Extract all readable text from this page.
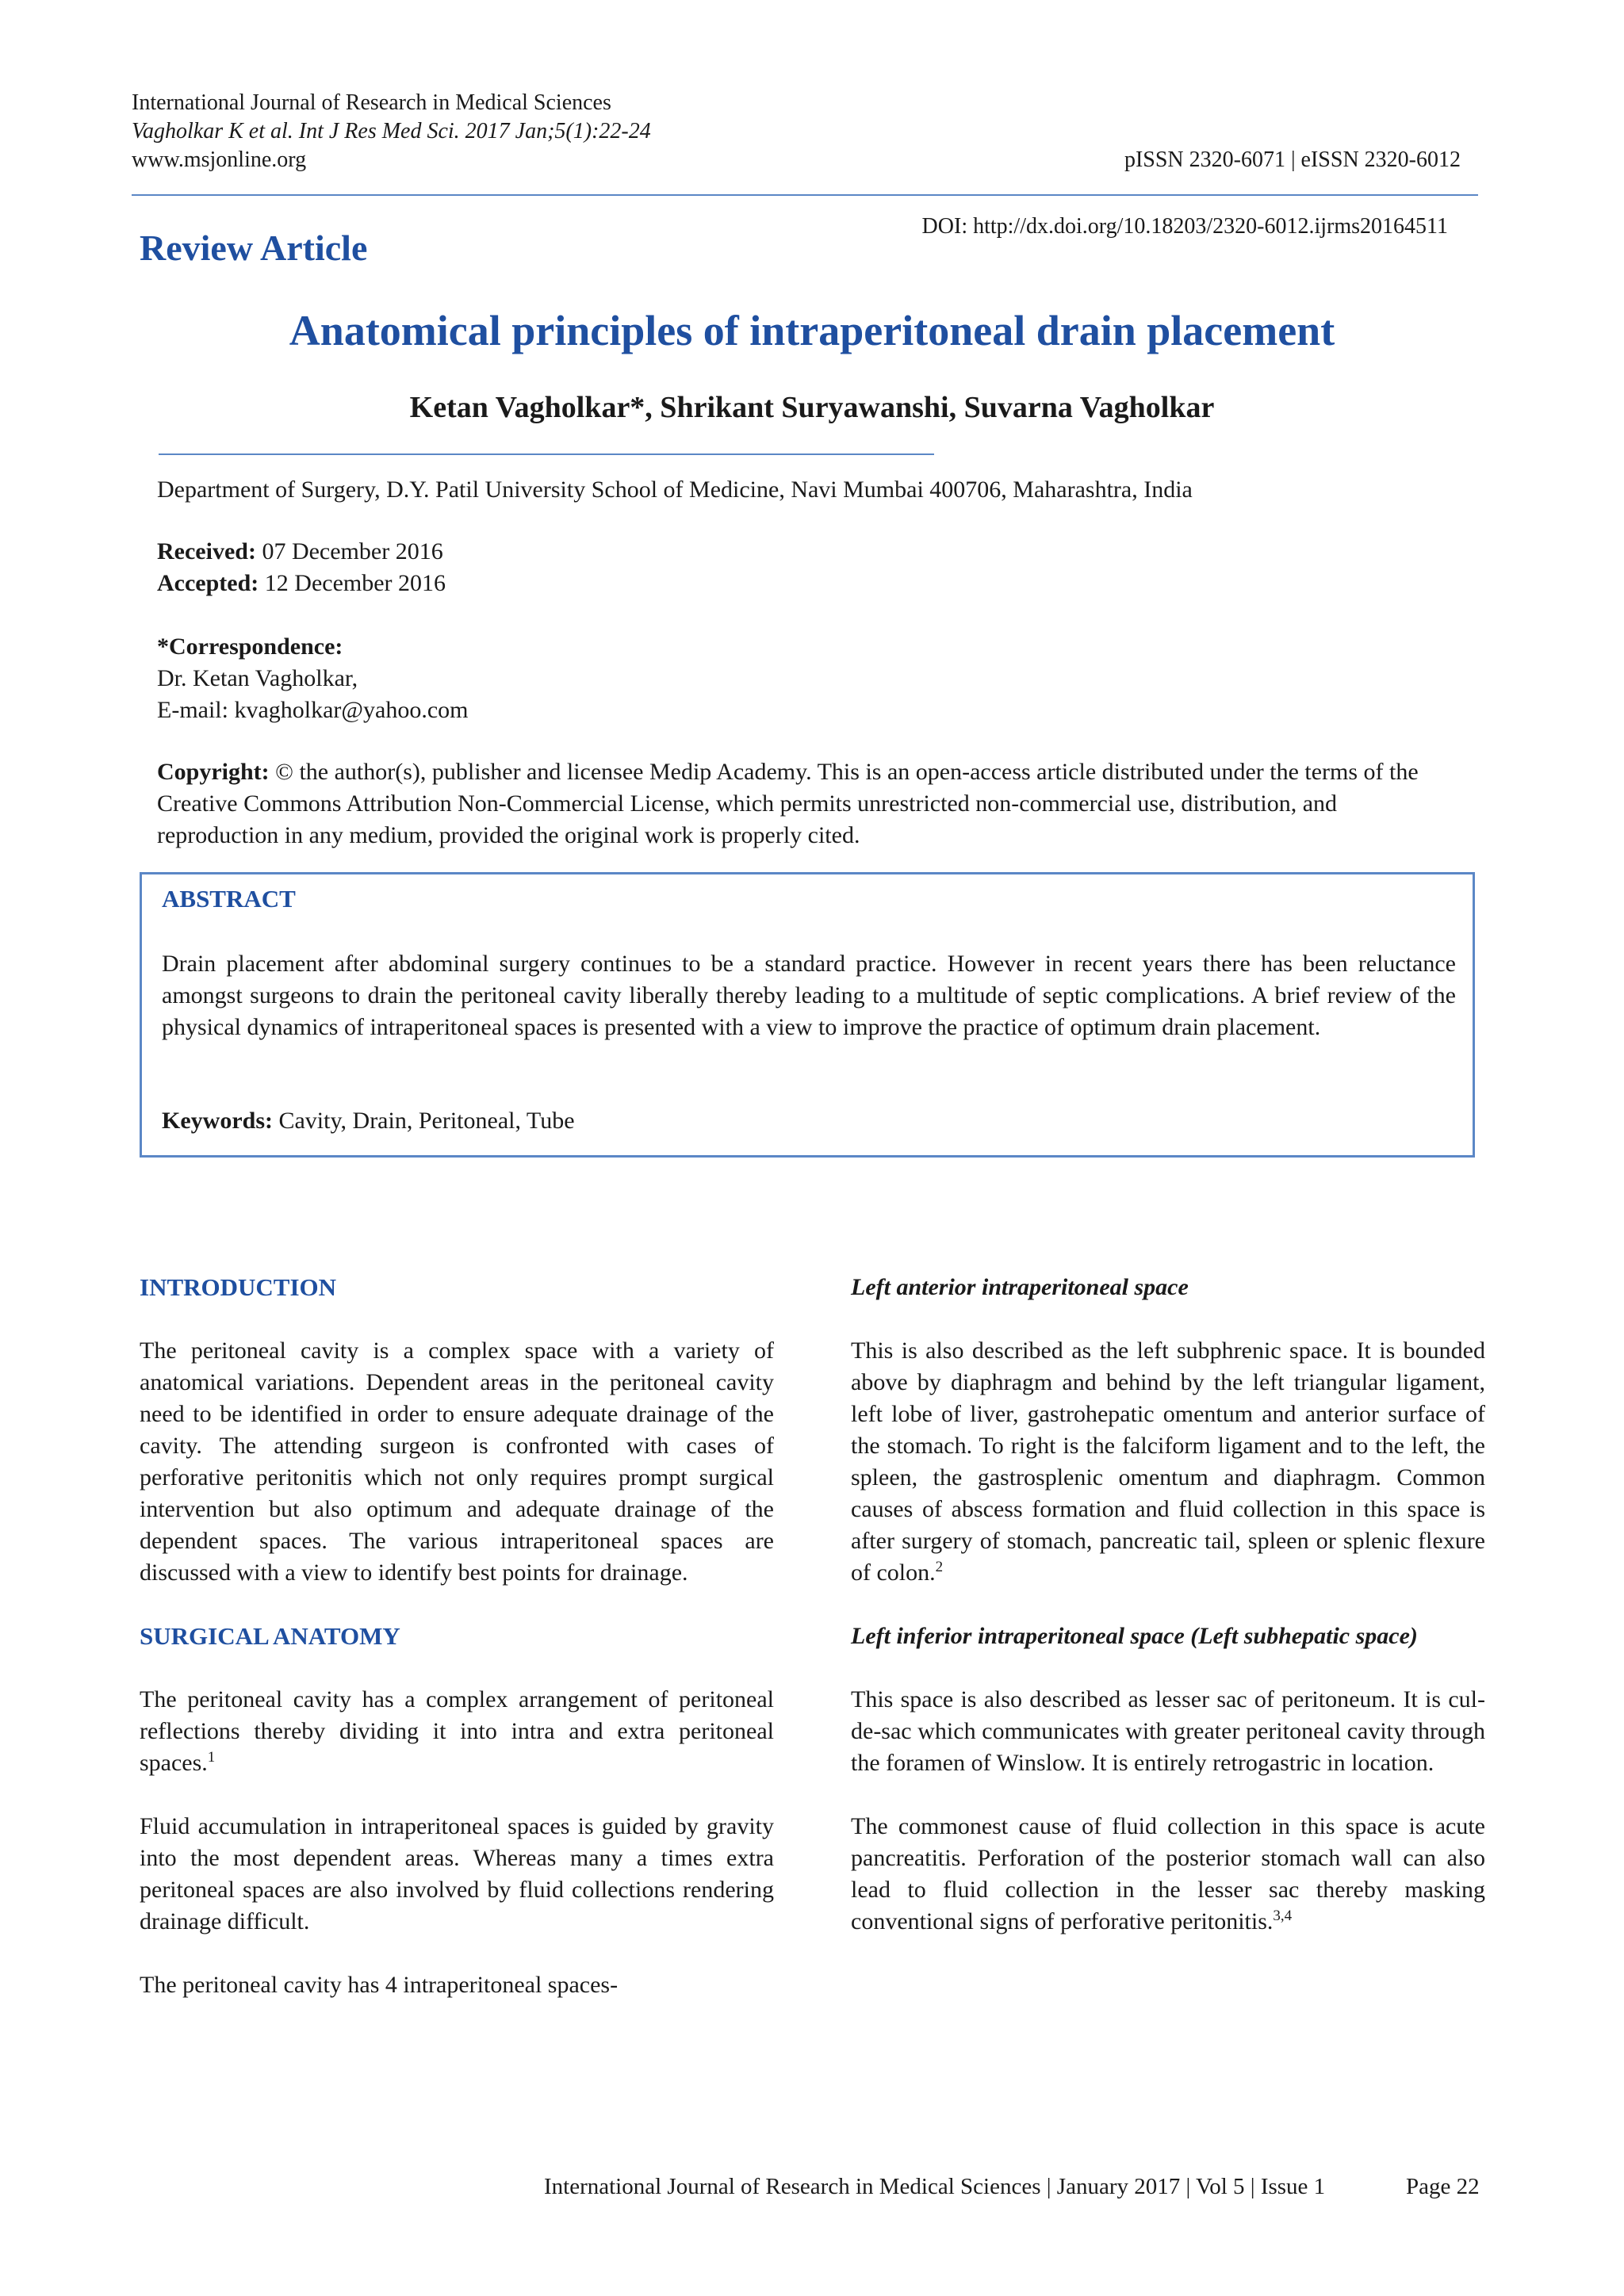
International Journal of Research in Medical Sciences
Vagholkar K et al. Int J Res Med Sci. 2017 Jan;5(1):22-24
www.msjonline.org	pISSN 2320-6071 | eISSN 2320-6012
Review Article
DOI: http://dx.doi.org/10.18203/2320-6012.ijrms20164511
Anatomical principles of intraperitoneal drain placement
Ketan Vagholkar*, Shrikant Suryawanshi, Suvarna Vagholkar
Department of Surgery, D.Y. Patil University School of Medicine, Navi Mumbai 400706, Maharashtra, India
Received: 07 December 2016
Accepted: 12 December 2016
*Correspondence:
Dr. Ketan Vagholkar,
E-mail: kvagholkar@yahoo.com
Copyright: © the author(s), publisher and licensee Medip Academy. This is an open-access article distributed under the terms of the Creative Commons Attribution Non-Commercial License, which permits unrestricted non-commercial use, distribution, and reproduction in any medium, provided the original work is properly cited.
ABSTRACT
Drain placement after abdominal surgery continues to be a standard practice. However in recent years there has been reluctance amongst surgeons to drain the peritoneal cavity liberally thereby leading to a multitude of septic complications. A brief review of the physical dynamics of intraperitoneal spaces is presented with a view to improve the practice of optimum drain placement.
Keywords: Cavity, Drain, Peritoneal, Tube
INTRODUCTION

The peritoneal cavity is a complex space with a variety of anatomical variations. Dependent areas in the peritoneal cavity need to be identified in order to ensure adequate drainage of the cavity. The attending surgeon is confronted with cases of perforative peritonitis which not only requires prompt surgical intervention but also optimum and adequate drainage of the dependent spaces. The various intraperitoneal spaces are discussed with a view to identify best points for drainage.

SURGICAL ANATOMY

The peritoneal cavity has a complex arrangement of peritoneal reflections thereby dividing it into intra and extra peritoneal spaces.$^1$

Fluid accumulation in intraperitoneal spaces is guided by gravity into the most dependent areas. Whereas many a times extra peritoneal spaces are also involved by fluid collections rendering drainage difficult.

The peritoneal cavity has 4 intraperitoneal spaces-

Left anterior intraperitoneal space

This is also described as the left subphrenic space. It is bounded above by diaphragm and behind by the left triangular ligament, left lobe of liver, gastrohepatic omentum and anterior surface of the stomach. To right is the falciform ligament and to the left, the spleen, the gastrosplenic omentum and diaphragm. Common causes of abscess formation and fluid collection in this space is after surgery of stomach, pancreatic tail, spleen or splenic flexure of colon.$^2$

Left inferior intraperitoneal space (Left subhepatic space)

This space is also described as lesser sac of peritoneum. It is cul-de-sac which communicates with greater peritoneal cavity through the foramen of Winslow. It is entirely retrogastric in location.

The commonest cause of fluid collection in this space is acute pancreatitis. Perforation of the posterior stomach wall can also lead to fluid collection in the lesser sac thereby masking conventional signs of perforative peritonitis.$^{3,4}$

International Journal of Research in Medical Sciences | January 2017 | Vol 5 | Issue 1	Page 22
